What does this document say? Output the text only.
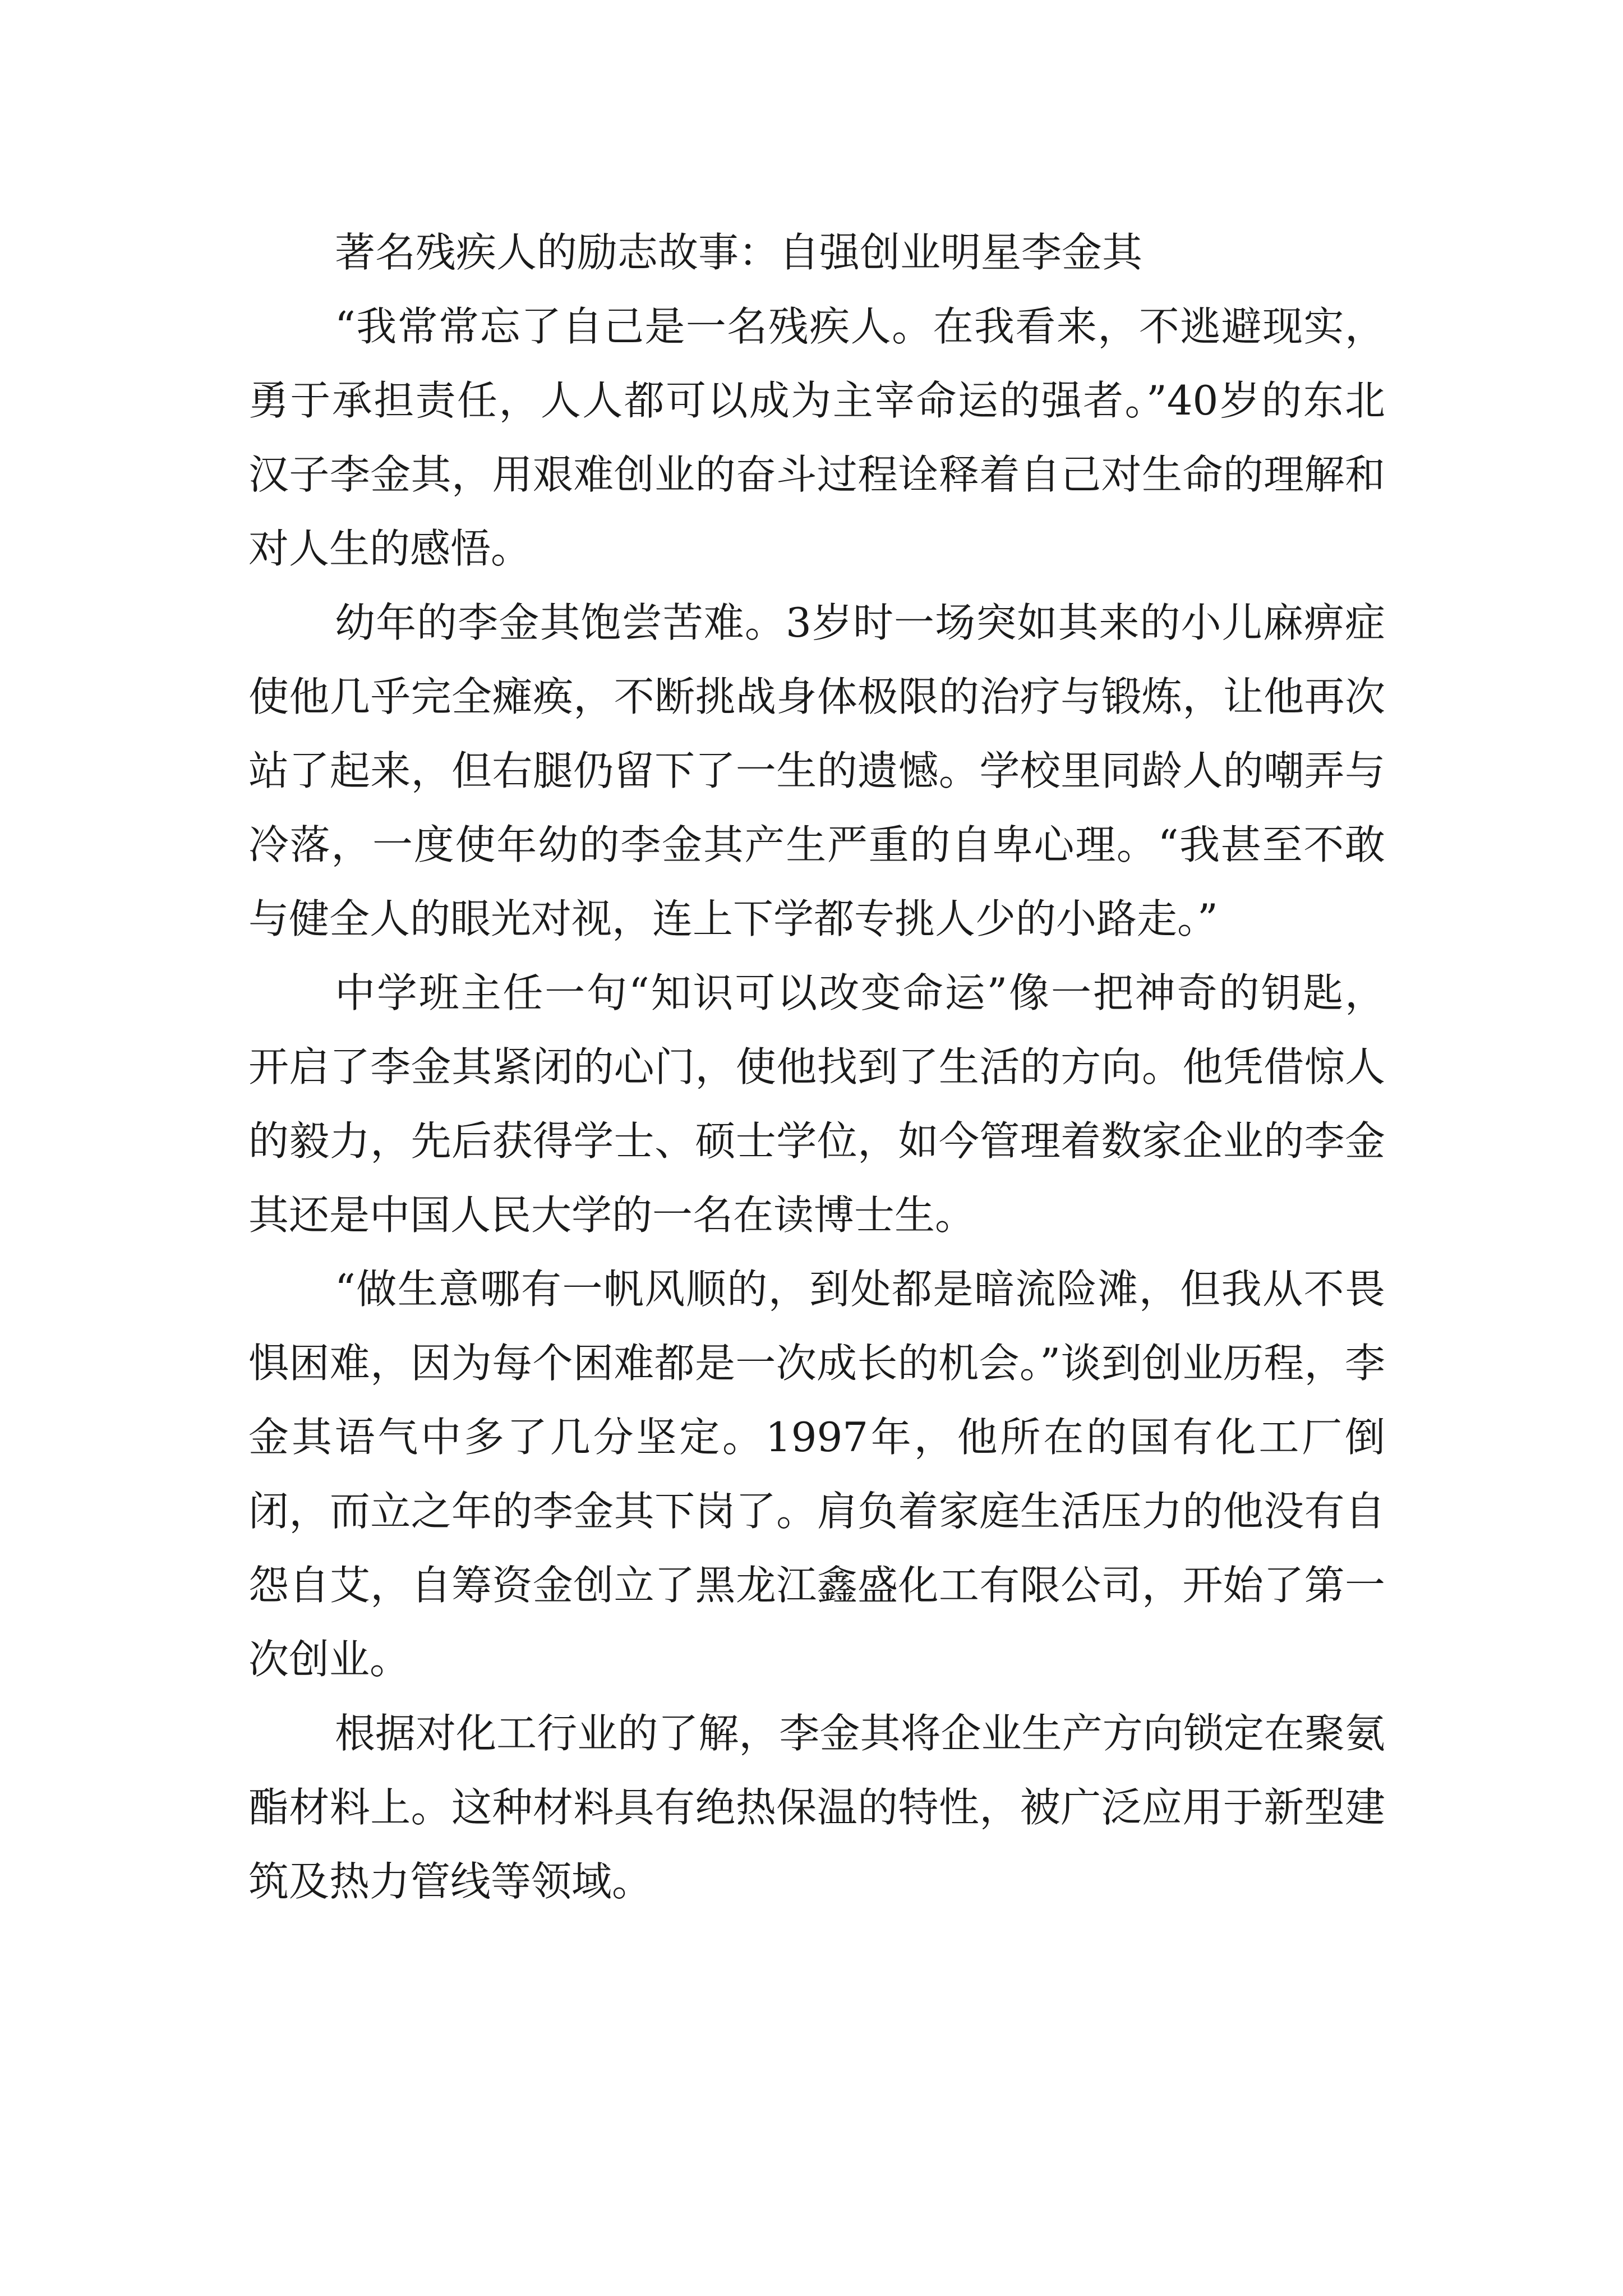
著名残疾人的励志故事：自强创业明星李金其

“我常常忘了自己是一名残疾人。在我看来，不逃避现实，勇于承担责任，人人都可以成为主宰命运的强者。”40岁的东北汉子李金其，用艰难创业的奋斗过程诠释着自己对生命的理解和对人生的感悟。

幼年的李金其饱尝苦难。3岁时一场突如其来的小儿麻痹症使他几乎完全瘫痪，不断挑战身体极限的治疗与锻炼，让他再次站了起来，但右腿仍留下了一生的遗憾。学校里同龄人的嘲弄与冷落，一度使年幼的李金其产生严重的自卑心理。“我甚至不敢与健全人的眼光对视，连上下学都专挑人少的小路走。”

中学班主任一句“知识可以改变命运”像一把神奇的钥匙，开启了李金其紧闭的心门，使他找到了生活的方向。他凭借惊人的毅力，先后获得学士、硕士学位，如今管理着数家企业的李金其还是中国人民大学的一名在读博士生。

“做生意哪有一帆风顺的，到处都是暗流险滩，但我从不畏惧困难，因为每个困难都是一次成长的机会。”谈到创业历程，李金其语气中多了几分坚定。1997年，他所在的国有化工厂倒闭，而立之年的李金其下岗了。肩负着家庭生活压力的他没有自怨自艾，自筹资金创立了黑龙江鑫盛化工有限公司，开始了第一次创业。

根据对化工行业的了解，李金其将企业生产方向锁定在聚氨酯材料上。这种材料具有绝热保温的特性，被广泛应用于新型建筑及热力管线等领域。
